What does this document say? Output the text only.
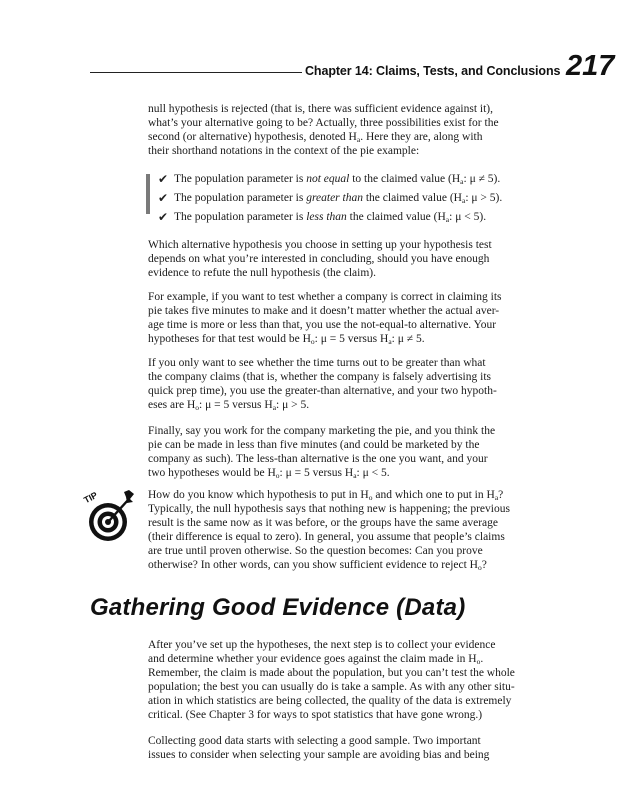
Chapter 14: Claims, Tests, and Conclusions 217

null hypothesis is rejected (that is, there was sufficient evidence against it),
what’s your alternative going to be? Actually, three possibilities exist for the
second (or alternative) hypothesis, denoted $H_a$. Here they are, along with
their shorthand notations in the context of the pie example:

✔ The population parameter is not equal to the claimed value ($H_a$: μ ≠ 5).
✔ The population parameter is greater than the claimed value ($H_a$: μ > 5).
✔ The population parameter is less than the claimed value ($H_a$: μ < 5).

Which alternative hypothesis you choose in setting up your hypothesis test
depends on what you’re interested in concluding, should you have enough
evidence to refute the null hypothesis (the claim).

For example, if you want to test whether a company is correct in claiming its
pie takes five minutes to make and it doesn’t matter whether the actual aver-
age time is more or less than that, you use the not-equal-to alternative. Your
hypotheses for that test would be $H_o$: μ = 5 versus $H_a$: μ ≠ 5.

If you only want to see whether the time turns out to be greater than what
the company claims (that is, whether the company is falsely advertising its
quick prep time), you use the greater-than alternative, and your two hypoth-
eses are $H_o$: μ = 5 versus $H_a$: μ > 5.

Finally, say you work for the company marketing the pie, and you think the
pie can be made in less than five minutes (and could be marketed by the
company as such). The less-than alternative is the one you want, and your
two hypotheses would be $H_o$: μ = 5 versus $H_a$: μ < 5.

TIP	How do you know which hypothesis to put in $H_o$ and which one to put in $H_a$?
Typically, the null hypothesis says that nothing new is happening; the previous
result is the same now as it was before, or the groups have the same average
(their difference is equal to zero). In general, you assume that people’s claims
are true until proven otherwise. So the question becomes: Can you prove
otherwise? In other words, can you show sufficient evidence to reject $H_o$?

Gathering Good Evidence (Data)

After you’ve set up the hypotheses, the next step is to collect your evidence
and determine whether your evidence goes against the claim made in $H_o$.
Remember, the claim is made about the population, but you can’t test the whole
population; the best you can usually do is take a sample. As with any other situ-
ation in which statistics are being collected, the quality of the data is extremely
critical. (See Chapter 3 for ways to spot statistics that have gone wrong.)

Collecting good data starts with selecting a good sample. Two important
issues to consider when selecting your sample are avoiding bias and being
